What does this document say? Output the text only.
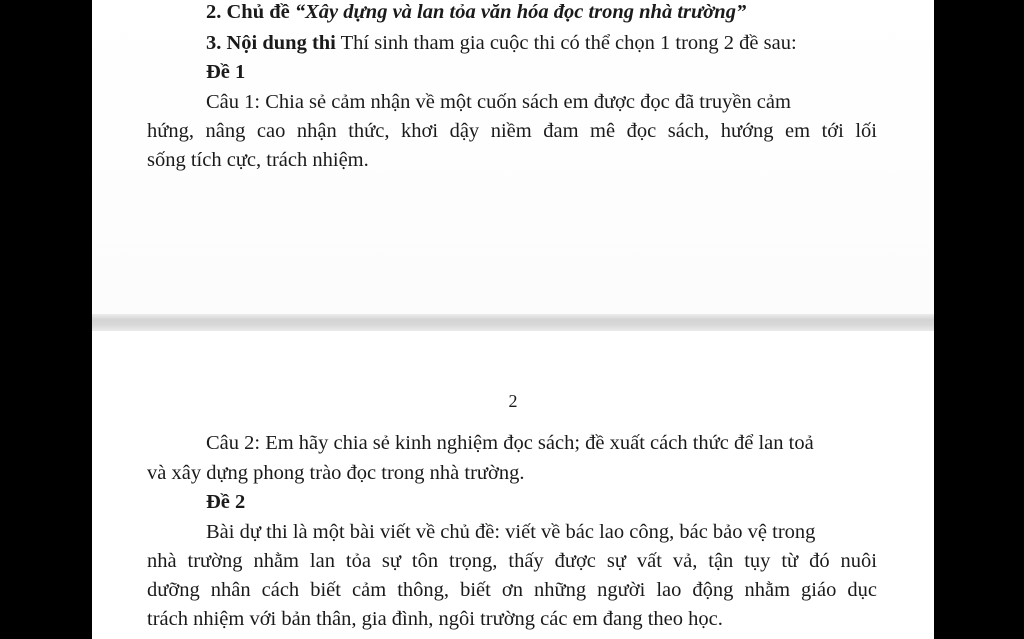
2. Chủ đề “Xây dựng và lan tỏa văn hóa đọc trong nhà trường”
3. Nội dung thi Thí sinh tham gia cuộc thi có thể chọn 1 trong 2 đề sau:
Đề 1
Câu 1: Chia sẻ cảm nhận về một cuốn sách em được đọc đã truyền cảm
hứng, nâng cao nhận thức, khơi dậy niềm đam mê đọc sách, hướng em tới lối
sống tích cực, trách nhiệm.
2
Câu 2: Em hãy chia sẻ kinh nghiệm đọc sách; đề xuất cách thức để lan toả
và xây dựng phong trào đọc trong nhà trường.
Đề 2
Bài dự thi là một bài viết về chủ đề: viết về bác lao công, bác bảo vệ trong
nhà trường nhằm lan tỏa sự tôn trọng, thấy được sự vất vả, tận tụy từ đó nuôi
dưỡng nhân cách biết cảm thông, biết ơn những người lao động nhằm giáo dục
trách nhiệm với bản thân, gia đình, ngôi trường các em đang theo học.
